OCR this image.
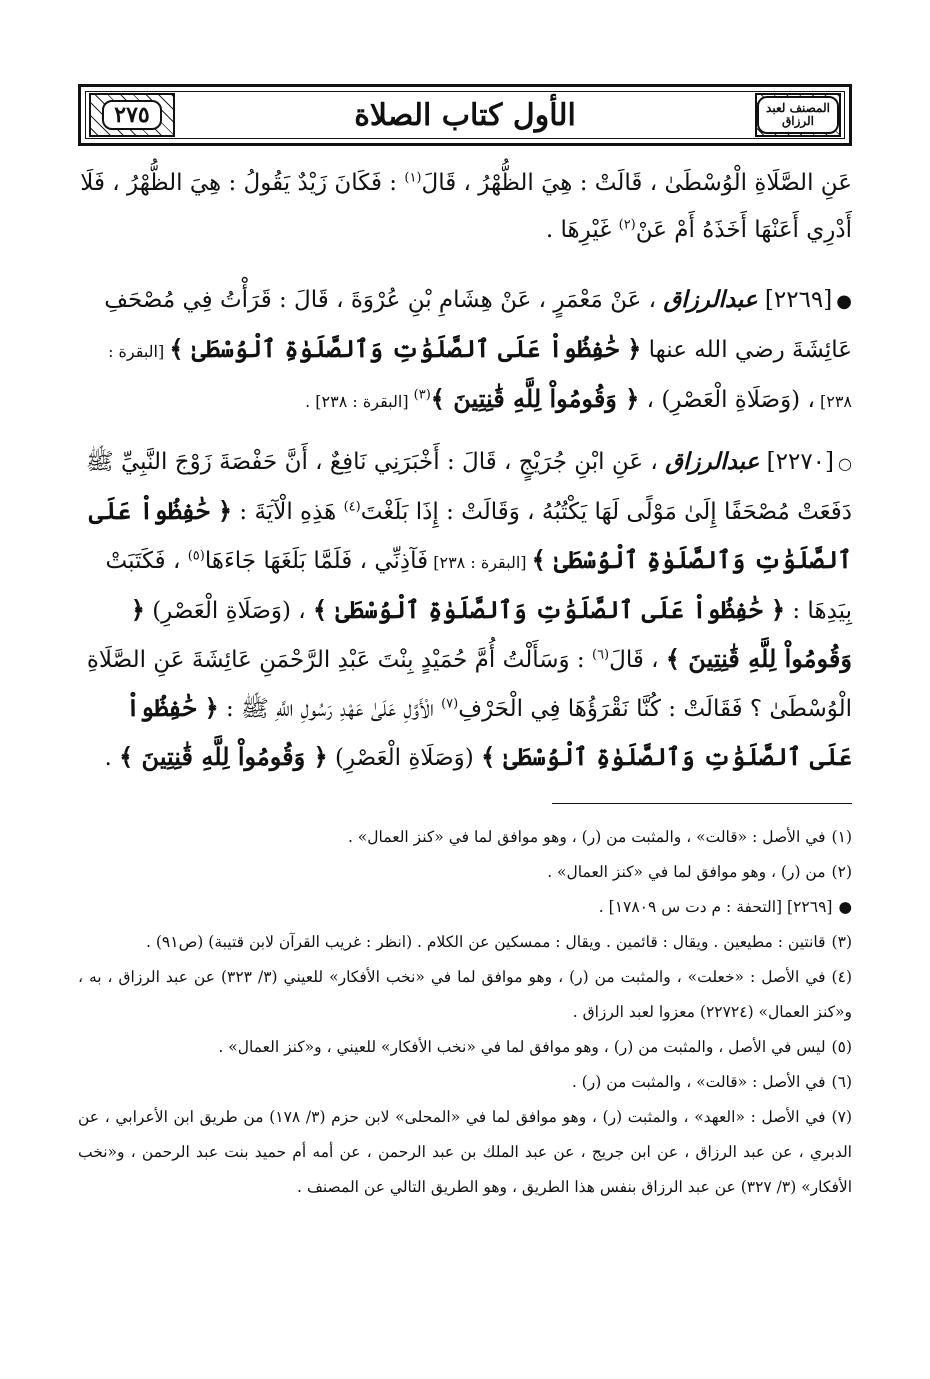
المصنف لعبد الرزاق
الأول كتاب الصلاة
٢٧٥

عَنِ الصَّلَاةِ الْوُسْطَىٰ ، قَالَتْ : هِيَ الظُّهْرُ ، قَالَ$^{(١)}$ : فَكَانَ زَيْدٌ يَقُولُ : هِيَ الظُّهْرُ ، فَلَا أَدْرِي أَعَنْهَا أَخَذَهُ أَمْ عَنْ$^{(٢)}$ غَيْرِهَا .

●[٢٢٦٩] عبدالرزاق ، عَنْ مَعْمَرٍ ، عَنْ هِشَامِ بْنِ عُرْوَةَ ، قَالَ : قَرَأْتُ فِي مُصْحَفِ عَائِشَةَ رضي الله عنها ﴿ حَٰفِظُواْ عَلَى ٱلصَّلَوَٰتِ وَٱلصَّلَوٰةِ ٱلْوُسْطَىٰ ﴾ [البقرة : ٢٣٨] ، (وَصَلَاةِ الْعَصْرِ) ، ﴿ وَقُومُواْ لِلَّهِ قَٰنِتِينَ ﴾$^{(٣)}$ [البقرة : ٢٣٨] .

○[٢٢٧٠] عبدالرزاق ، عَنِ ابْنِ جُرَيْجٍ ، قَالَ : أَخْبَرَنِي نَافِعٌ ، أَنَّ حَفْصَةَ زَوْجَ النَّبِيِّ ﷺ دَفَعَتْ مُصْحَفًا إِلَىٰ مَوْلًى لَهَا يَكْتُبُهُ ، وَقَالَتْ : إِذَا بَلَغْتَ$^{(٤)}$ هَذِهِ الْآيَةَ : ﴿ حَٰفِظُواْ عَلَى ٱلصَّلَوَٰتِ وَٱلصَّلَوٰةِ ٱلْوُسْطَىٰ ﴾ [البقرة : ٢٣٨] فَآذِنِّي ، فَلَمَّا بَلَغَهَا جَاءَهَا$^{(٥)}$ ، فَكَتَبَتْ بِيَدِهَا : ﴿ حَٰفِظُواْ عَلَى ٱلصَّلَوَٰتِ وَٱلصَّلَوٰةِ ٱلْوُسْطَىٰ ﴾ ، (وَصَلَاةِ الْعَصْرِ) ﴿ وَقُومُواْ لِلَّهِ قَٰنِتِينَ ﴾ ، قَالَ$^{(٦)}$ : وَسَأَلْتُ أُمَّ حُمَيْدٍ بِنْتَ عَبْدِ الرَّحْمَنِ عَائِشَةَ عَنِ الصَّلَاةِ الْوُسْطَىٰ ؟ فَقَالَتْ : كُنَّا نَقْرَؤُهَا فِي الْحَرْفِ$^{(٧)}$ الْأَوَّلِ عَلَىٰ عَهْدِ رَسُولِ اللَّهِ ﷺ : ﴿ حَٰفِظُواْ عَلَى ٱلصَّلَوَٰتِ وَٱلصَّلَوٰةِ ٱلْوُسْطَىٰ ﴾ (وَصَلَاةِ الْعَصْرِ) ﴿ وَقُومُواْ لِلَّهِ قَٰنِتِينَ ﴾ .

(١)في الأصل : «قالت» ، والمثبت من (ر) ، وهو موافق لما في «كنز العمال» .

(٢)من (ر) ، وهو موافق لما في «كنز العمال» .

●[٢٢٦٩] [التحفة : م دت س ١٧٨٠٩] .

(٣)قانتين : مطيعين . ويقال : قائمين . ويقال : ممسكين عن الكلام . (انظر : غريب القرآن لابن قتيبة) (ص٩١) .

(٤)في الأصل : «خعلت» ، والمثبت من (ر) ، وهو موافق لما في «نخب الأفكار» للعيني (٣/ ٣٢٣) عن عبد الرزاق ، به ، و«كنز العمال» (٢٢٧٢٤) معزوا لعبد الرزاق .

(٥)ليس في الأصل ، والمثبت من (ر) ، وهو موافق لما في «نخب الأفكار» للعيني ، و«كنز العمال» .

(٦)في الأصل : «قالت» ، والمثبت من (ر) .

(٧)في الأصل : «العهد» ، والمثبت (ر) ، وهو موافق لما في «المحلى» لابن حزم (٣/ ١٧٨) من طريق ابن الأعرابي ، عن الدبري ، عن عبد الرزاق ، عن ابن جريج ، عن عبد الملك بن عبد الرحمن ، عن أمه أم حميد بنت عبد الرحمن ، و«نخب الأفكار» (٣/ ٣٢٧) عن عبد الرزاق بنفس هذا الطريق ، وهو الطريق التالي عن المصنف .
